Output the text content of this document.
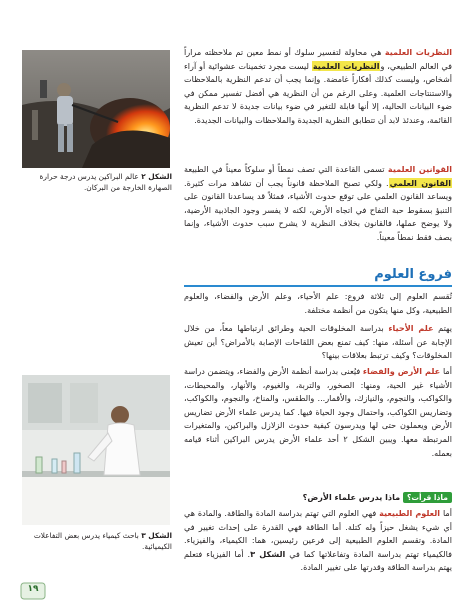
الشكل ٢ عالم البراكين يدرس درجة حرارة الصهارة الخارجة من البركان.
الشكل ٣ باحث كيمياء يدرس بعض التفاعلات الكيميائية.

النظريات العلمية هي محاولة لتفسير سلوك أو نمط معين تم ملاحظته مراراً في العالم الطبيعي، والنظريات العلمية ليست مجرد تخمينات عشوائية أو آراء أشخاص، وليست كذلك أفكاراً غامضة. وإنما يجب أن تدعم النظرية بالملاحظات والاستنتاجات العلمية. وعلى الرغم من أن النظرية هي أفضل تفسير ممكن في ضوء البيانات الحالية، إلا أنها قابلة للتغير في ضوء بيانات جديدة لا تدعم النظرية القائمة، وعندئذ لابد أن تتطابق النظرية الجديدة والملاحظات والبيانات الجديدة.

القوانين العلمية تسمى القاعدة التي تصف نمطاً أو سلوكاً معيناً في الطبيعة القانون العلمي. ولكي تصبح الملاحظة قانوناً يجب أن تشاهد مرات كثيرة. ويساعد القانون العلمي على توقع حدوث الأشياء، فمثلاً قد يساعدنا القانون على التنبؤ بسقوط حبة التفاح في اتجاه الأرض، لكنه لا يفسر وجود الجاذبية الأرضية، ولا يوضح عملها، فالقانون بخلاف النظرية لا يشرح سبب حدوث الأشياء، وإنما يصف فقط نمطاً معيناً.

فروع العلوم

تُقسم العلوم إلى ثلاثة فروع: علم الأحياء، وعلم الأرض والفضاء، والعلوم الطبيعية، وكل منها يتكون من أنظمة مختلفة.

يهتم علم الأحياء بدراسة المخلوقات الحية وطرائق ارتباطها معاً، من خلال الإجابة عن أسئلة، منها: كيف تمنع بعض اللقاحات الإصابة بالأمراض؟ أين تعيش المخلوقات؟ وكيف ترتبط بعلاقات بينها؟

أما علم الأرض والفضاء فيُعنى بدراسة أنظمة الأرض والفضاء، ويتضمن دراسة الأشياء غير الحية، ومنها: الصخور، والتربة، والغيوم، والأنهار، والمحيطات، والكواكب، والنجوم، والنيازك، والأقمار... والطقس، والمناخ، والنجوم، والكواكب، وتضاريس الكواكب، واحتمال وجود الحياة فيها. كما يدرس علماء الأرض تضاريس الأرض ويعملون حتى لها ويدرسون كيفية حدوث الزلازل والبراكين، والمتغيرات المرتبطة معها. ويبين الشكل ٢ أحد علماء الأرض يدرس البراكين أثناء قيامه بعمله.

ماذا قرأت؟ ماذا يدرس علماء الأرض؟

أما العلوم الطبيعية فهي العلوم التي تهتم بدراسة المادة والطاقة. والمادة هي أي شيء يشغل حيزاً وله كتلة. أما الطاقة فهي القدرة على إحداث تغيير في المادة. وتقسم العلوم الطبيعية إلى فرعين رئيسين، هما: الكيمياء، والفيزياء. فالكيمياء تهتم بدراسة المادة وتفاعلاتها كما في الشكل ٣. أما الفيزياء فتعلم يهتم بدراسة الطاقة وقدرتها على تغيير المادة.

١٩
